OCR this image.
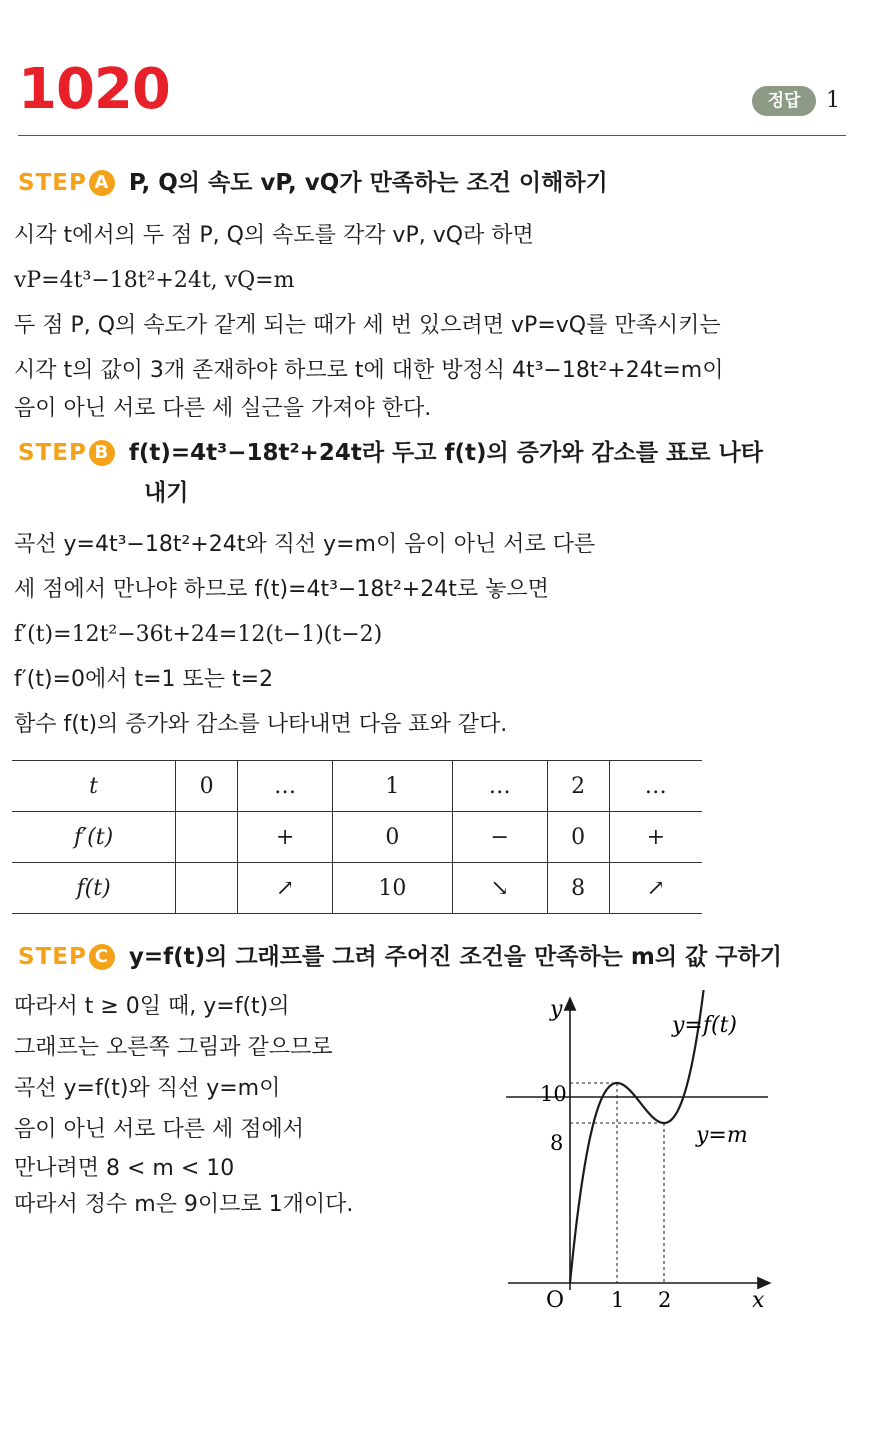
1020	정답	1
STEP A P, Q의 속도 vP, vQ가 만족하는 조건 이해하기
시각 t에서의 두 점 P, Q의 속도를 각각 vP, vQ라 하면
vP=4t³−18t²+24t, vQ=m
두 점 P, Q의 속도가 같게 되는 때가 세 번 있으려면 vP=vQ를 만족시키는
시각 t의 값이 3개 존재하야 하므로 t에 대한 방정식 4t³−18t²+24t=m이
음이 아닌 서로 다른 세 실근을 가져야 한다.
STEP B f(t)=4t³−18t²+24t라 두고 f(t)의 증가와 감소를 표로 나타
내기
곡선 y=4t³−18t²+24t와 직선 y=m이 음이 아닌 서로 다른
세 점에서 만나야 하므로 f(t)=4t³−18t²+24t로 놓으면
f′(t)=12t²−36t+24=12(t−1)(t−2)
f′(t)=0에서 t=1 또는 t=2
함수 f(t)의 증가와 감소를 나타내면 다음 표와 같다.
t	0	…	1	…	2	…
f′(t)		+	0	−	0	+
f(t)		↗	10	↘	8	↗
STEP C y=f(t)의 그래프를 그려 주어진 조건을 만족하는 m의 값 구하기
따라서 t ≥ 0일 때, y=f(t)의
그래프는 오른쪽 그림과 같으므로
곡선 y=f(t)와 직선 y=m이
음이 아닌 서로 다른 세 점에서
만나려면 8 < m < 10
따라서 정수 m은 9이므로 1개이다.
y
x
O
10
8
1 2
y=f(t)
y=m
